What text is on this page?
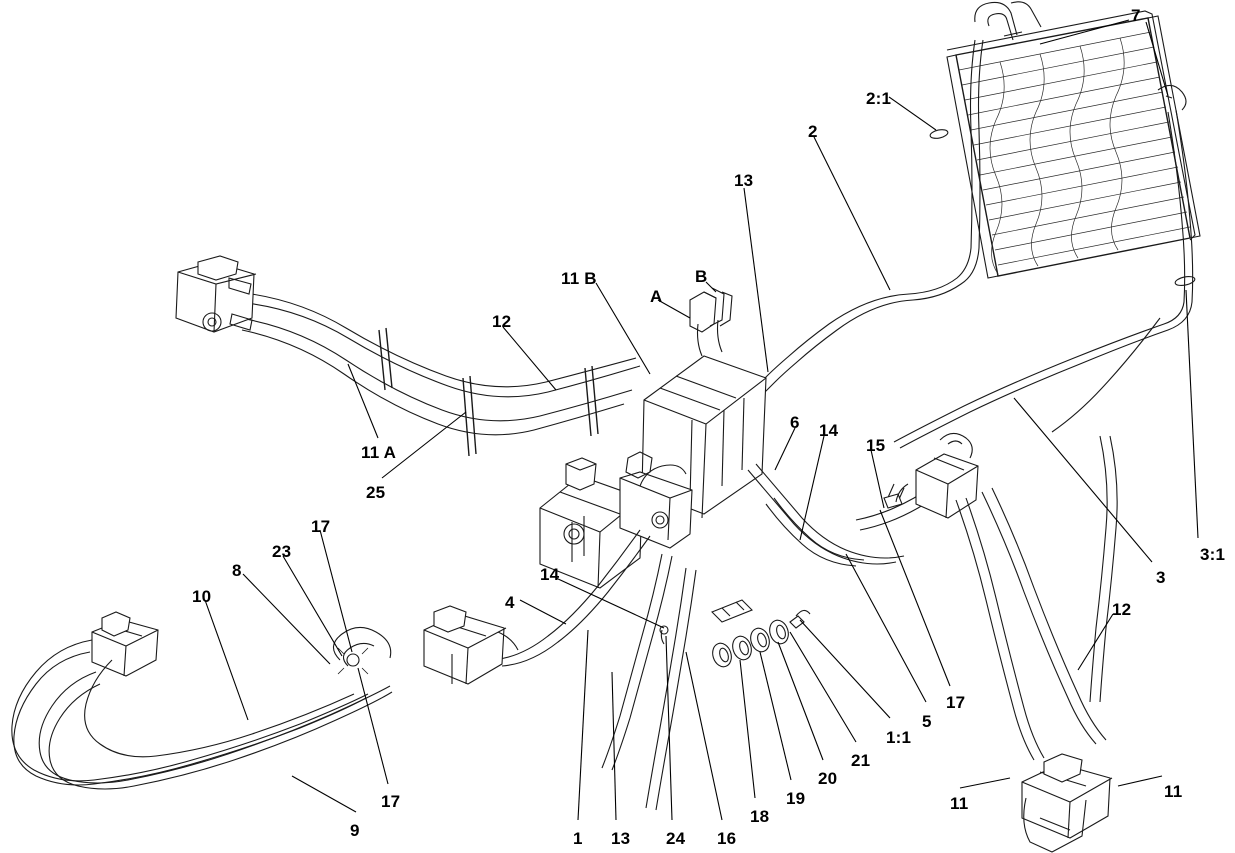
7
2:1
2
13
11 B	B
A
12
11 A
25
3:1
3
6 14
15
17
23
8
10
14
4	12
17
5
1:1
21
20
19
17
18
11
11
9	1 13 24 16
